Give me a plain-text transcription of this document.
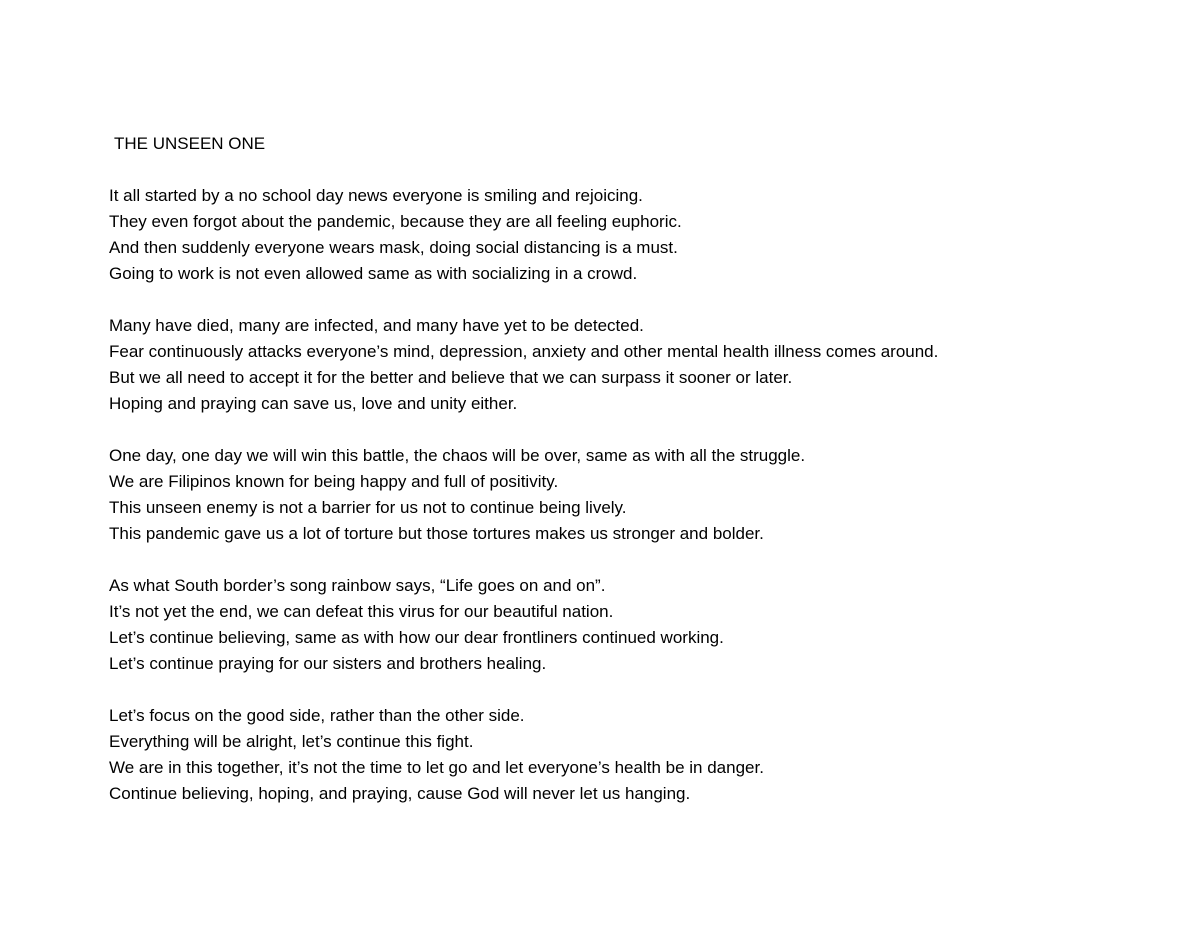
THE UNSEEN ONE
It all started by a no school day news everyone is smiling and rejoicing.
They even forgot about the pandemic, because they are all feeling euphoric.
And then suddenly everyone wears mask, doing social distancing is a must.
Going to work is not even allowed same as with socializing in a crowd.
Many have died, many are infected, and many have yet to be detected.
Fear continuously attacks everyone’s mind, depression, anxiety and other mental health illness comes around.
But we all need to accept it for the better and believe that we can surpass it sooner or later.
Hoping and praying can save us, love and unity either.
One day, one day we will win this battle, the chaos will be over, same as with all the struggle.
We are Filipinos known for being happy and full of positivity.
This unseen enemy is not a barrier for us not to continue being lively.
This pandemic gave us a lot of torture but those tortures makes us stronger and bolder.
As what South border’s song rainbow says, “Life goes on and on”.
It’s not yet the end, we can defeat this virus for our beautiful nation.
Let’s continue believing, same as with how our dear frontliners continued working.
Let’s continue praying for our sisters and brothers healing.
Let’s focus on the good side, rather than the other side.
Everything will be alright, let’s continue this fight.
We are in this together, it’s not the time to let go and let everyone’s health be in danger.
Continue believing, hoping, and praying, cause God will never let us hanging.
